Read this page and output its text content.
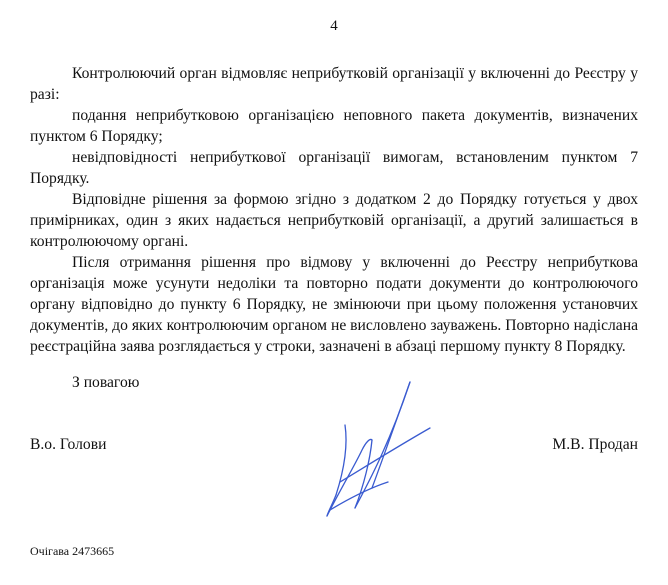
4

Контролюючий орган відмовляє неприбутковій організації у включенні до Реєстру у разі:

подання неприбутковою організацією неповного пакета документів, визначених пунктом 6 Порядку;

невідповідності неприбуткової організації вимогам, встановленим пунктом 7 Порядку.

Відповідне рішення за формою згідно з додатком 2 до Порядку готується у двох примірниках, один з яких надається неприбутковій організації, а другий залишається в контролюючому органі.

Після отримання рішення про відмову у включенні до Реєстру неприбуткова організація може усунути недоліки та повторно подати документи до контролюючого органу відповідно до пункту 6 Порядку, не змінюючи при цьому положення установчих документів, до яких контролюючим органом не висловлено зауважень. Повторно надіслана реєстраційна заява розглядається у строки, зазначені в абзаці першому пункту 8 Порядку.

З повагою
В.о. Голови	М.В. Продан
Очігава 2473665
